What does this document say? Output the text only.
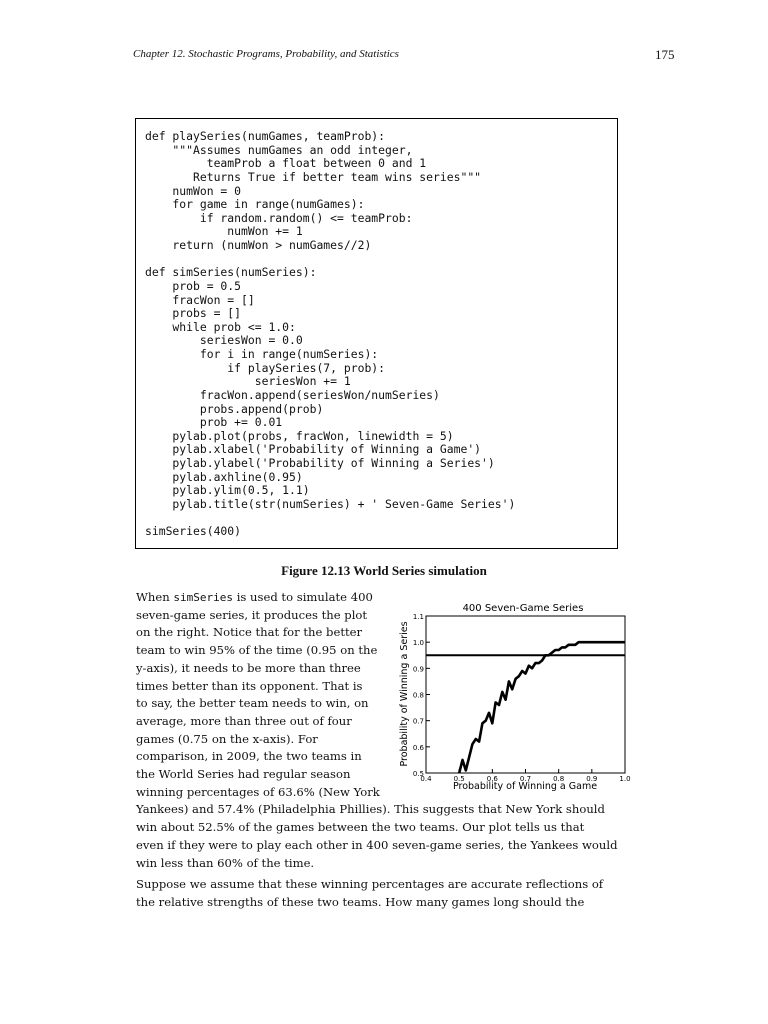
Chapter 12. Stochastic Programs, Probability, and Statistics	175
def playSeries(numGames, teamProb):
"""Assumes numGames an odd integer,
teamProb a float between 0 and 1
Returns True if better team wins series"""
numWon = 0
for game in range(numGames):
if random.random() <= teamProb:
numWon += 1
return (numWon > numGames//2)

def simSeries(numSeries):
prob = 0.5
fracWon = []
probs = []
while prob <= 1.0:
seriesWon = 0.0
for i in range(numSeries):
if playSeries(7, prob):
seriesWon += 1
fracWon.append(seriesWon/numSeries)
probs.append(prob)
prob += 0.01
pylab.plot(probs, fracWon, linewidth = 5)
pylab.xlabel('Probability of Winning a Game')
pylab.ylabel('Probability of Winning a Series')
pylab.axhline(0.95)
pylab.ylim(0.5, 1.1)
pylab.title(str(numSeries) + ' Seven-Game Series')

simSeries(400)

Figure 12.13 World Series simulation
When simSeries is used to simulate 400
seven-game series, it produces the plot
on the right. Notice that for the better
team to win 95% of the time (0.95 on the
y-axis), it needs to be more than three
times better than its opponent. That is
to say, the better team needs to win, on
average, more than three out of four
games (0.75 on the x-axis). For
comparison, in 2009, the two teams in
the World Series had regular season
winning percentages of 63.6% (New York
Yankees) and 57.4% (Philadelphia Phillies). This suggests that New York should
win about 52.5% of the games between the two teams. Our plot tells us that
even if they were to play each other in 400 seven-game series, the Yankees would
win less than 60% of the time.
Suppose we assume that these winning percentages are accurate reflections of
the relative strengths of these two teams. How many games long should the
400 Seven-Game Series
0.5
0.6
0.7
0.8
0.9
1.0
1.1
0.4	0.5	0.6	0.7	0.8	0.9	1.0
Probability of Winning a Game
Probability of Winning a Series
